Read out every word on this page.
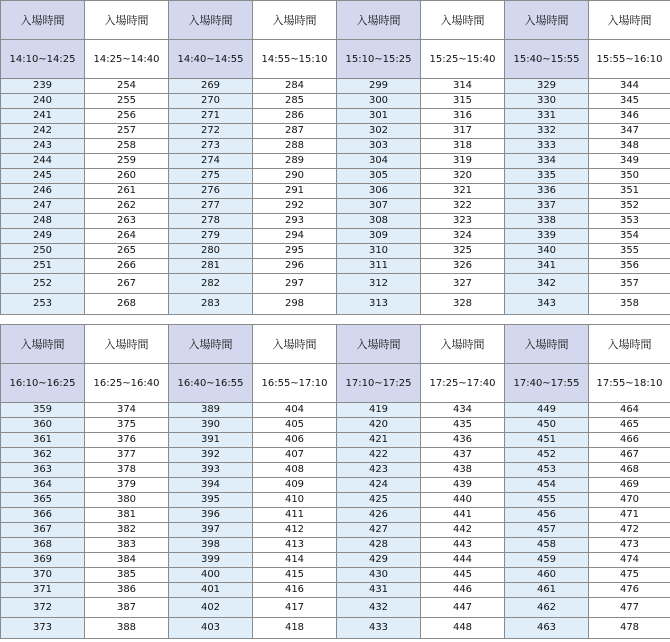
入場時間	入場時間	入場時間	入場時間	入場時間	入場時間	入場時間	入場時間
14:10~14:25	14:25~14:40	14:40~14:55	14:55~15:10	15:10~15:25	15:25~15:40	15:40~15:55	15:55~16:10
239	254	269	284	299	314	329	344
240	255	270	285	300	315	330	345
241	256	271	286	301	316	331	346
242	257	272	287	302	317	332	347
243	258	273	288	303	318	333	348
244	259	274	289	304	319	334	349
245	260	275	290	305	320	335	350
246	261	276	291	306	321	336	351
247	262	277	292	307	322	337	352
248	263	278	293	308	323	338	353
249	264	279	294	309	324	339	354
250	265	280	295	310	325	340	355
251	266	281	296	311	326	341	356
252	267	282	297	312	327	342	357
253	268	283	298	313	328	343	358
入場時間	入場時間	入場時間	入場時間	入場時間	入場時間	入場時間	入場時間
16:10~16:25	16:25~16:40	16:40~16:55	16:55~17:10	17:10~17:25	17:25~17:40	17:40~17:55	17:55~18:10
359	374	389	404	419	434	449	464
360	375	390	405	420	435	450	465
361	376	391	406	421	436	451	466
362	377	392	407	422	437	452	467
363	378	393	408	423	438	453	468
364	379	394	409	424	439	454	469
365	380	395	410	425	440	455	470
366	381	396	411	426	441	456	471
367	382	397	412	427	442	457	472
368	383	398	413	428	443	458	473
369	384	399	414	429	444	459	474
370	385	400	415	430	445	460	475
371	386	401	416	431	446	461	476
372	387	402	417	432	447	462	477
373	388	403	418	433	448	463	478
